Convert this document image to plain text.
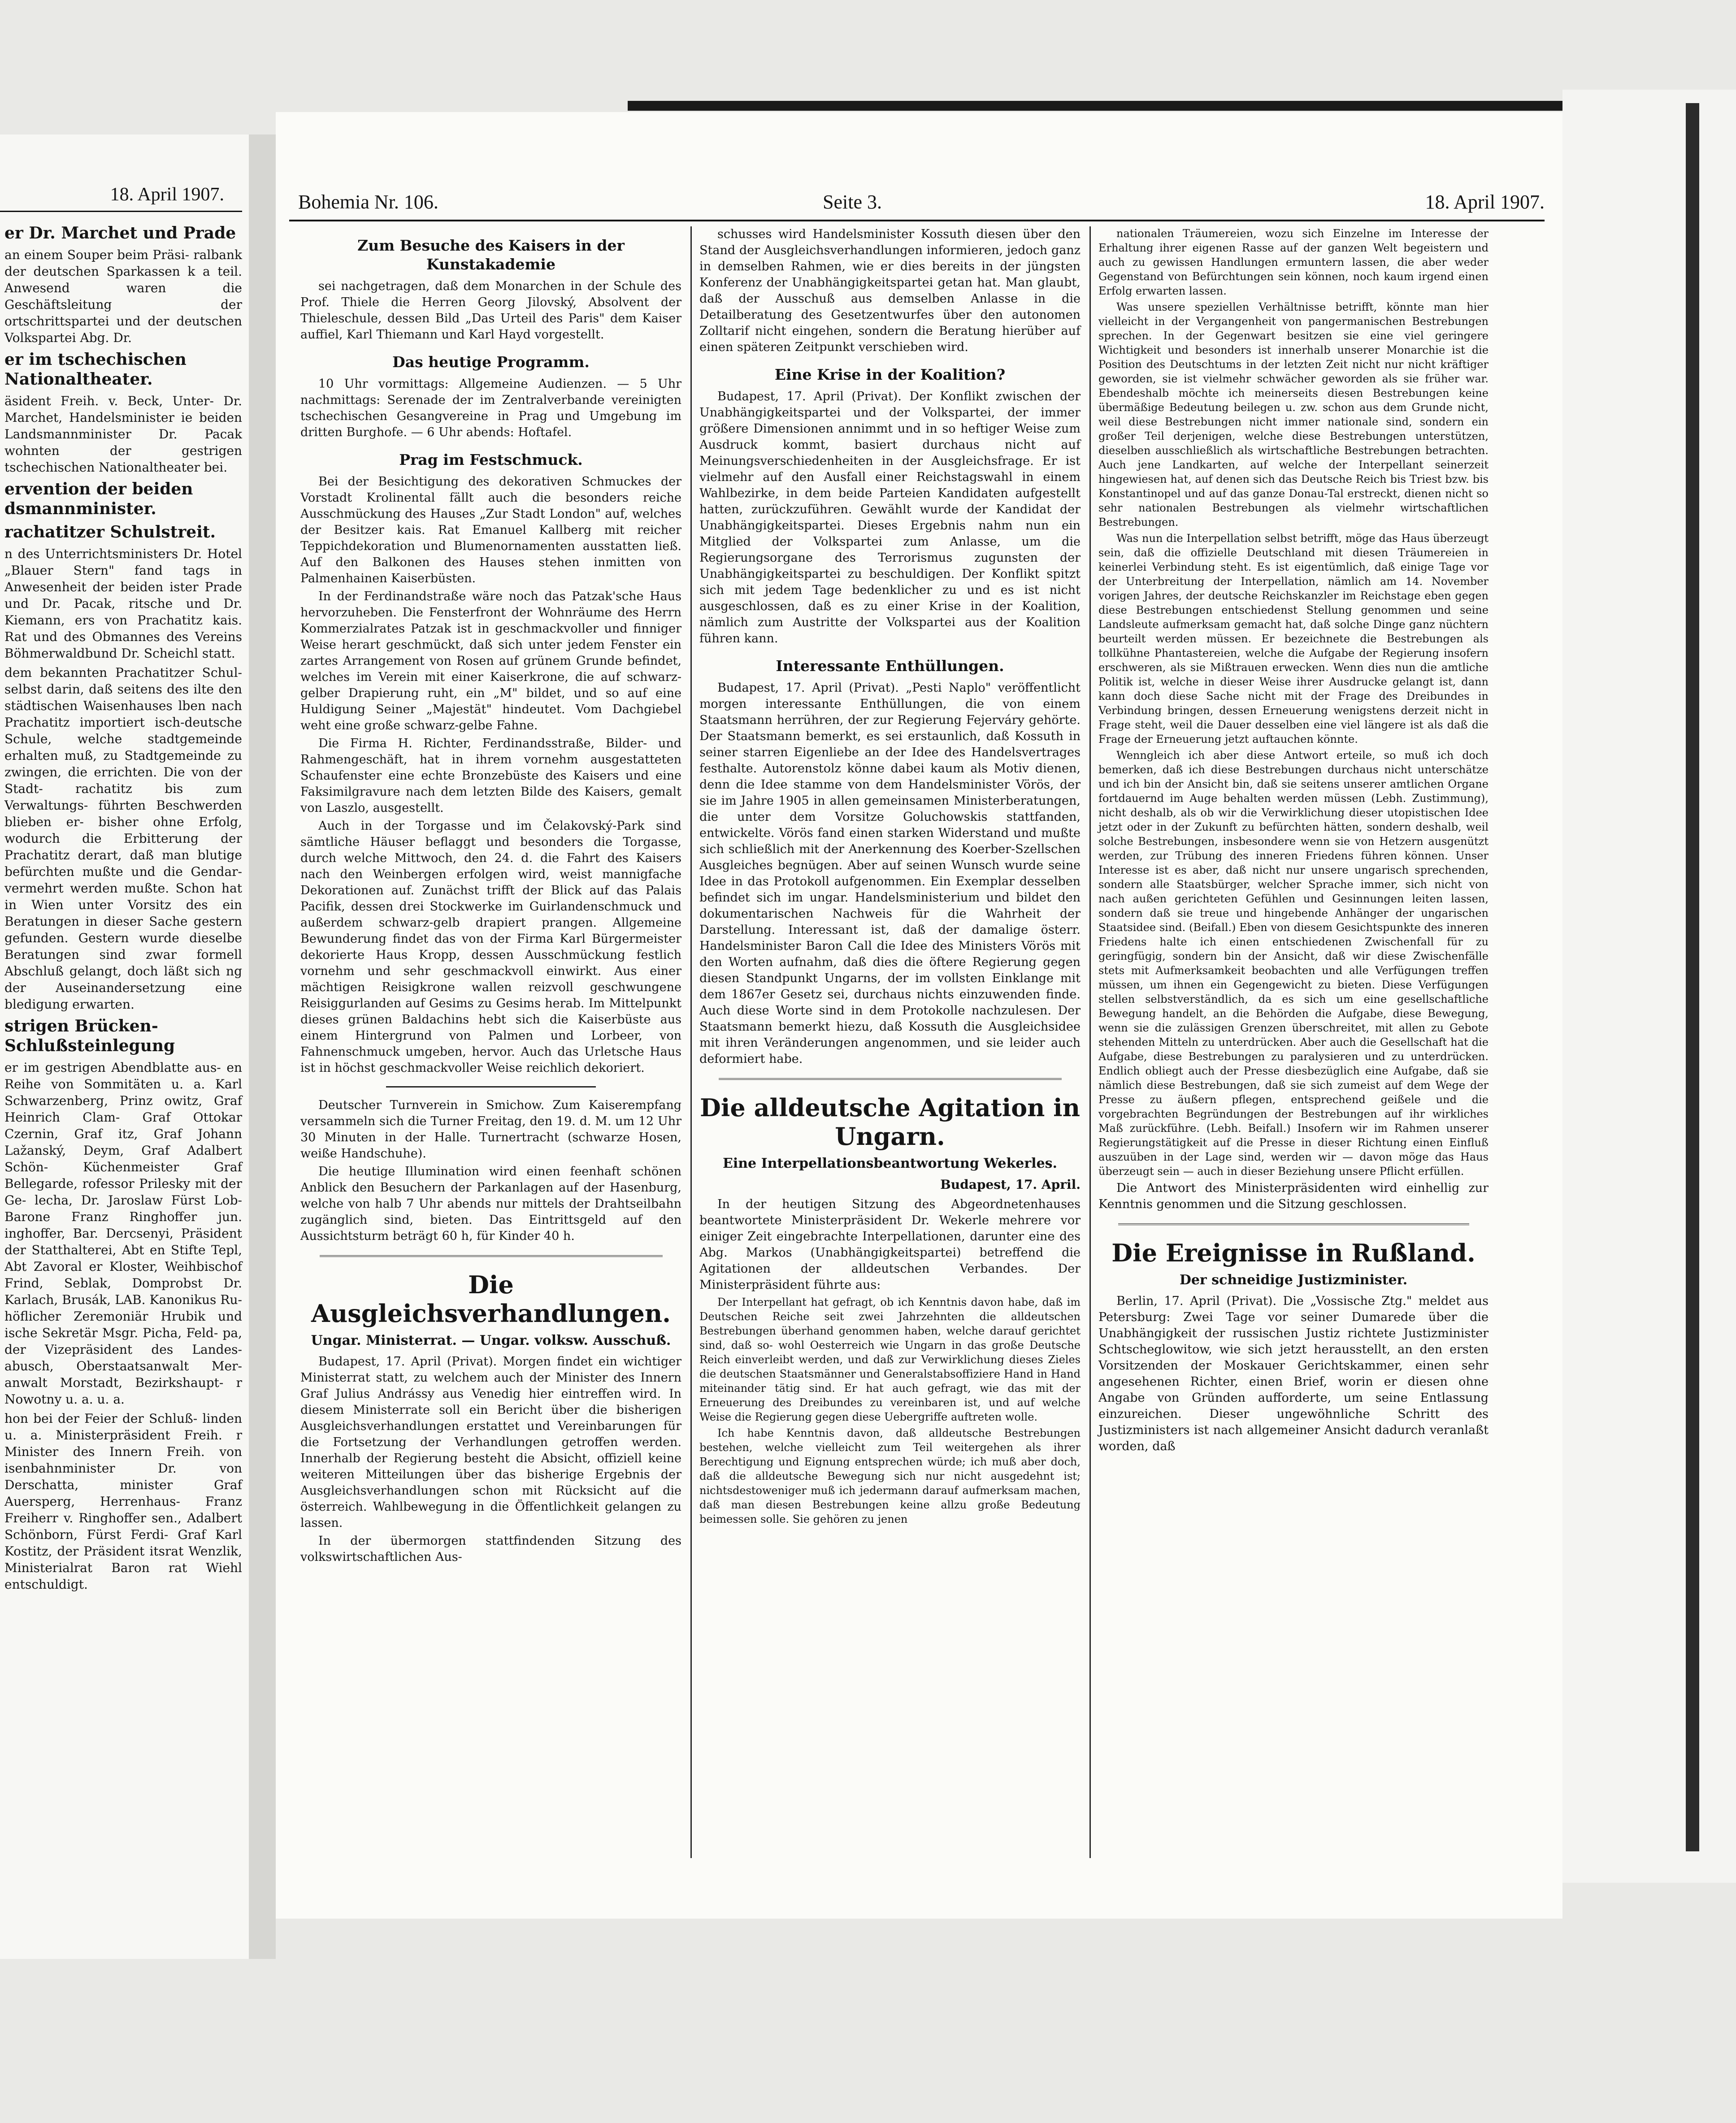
18. April 1907.
er Dr. Marchet und Prade

an einem Souper beim Präsi- ralbank der deutschen Sparkassen k a teil. Anwesend waren die Geschäftsleitung der ortschrittspartei und der deutschen Volkspartei Abg. Dr.

er im tschechischen Nationaltheater.

äsident Freih. v. Beck, Unter- Dr. Marchet, Handelsminister ie beiden Landsmannminister Dr. Pacak wohnten der gestrigen tschechischen Nationaltheater bei.

ervention der beiden dsmannminister.
rachatitzer Schulstreit.

n des Unterrichtsministers Dr. Hotel „Blauer Stern" fand tags in Anwesenheit der beiden ister Prade und Dr. Pacak, ritsche und Dr. Kiemann, ers von Prachatitz kais. Rat und des Obmannes des Vereins Böhmerwaldbund Dr. Scheichl statt.

dem bekannten Prachatitzer Schul- selbst darin, daß seitens des ilte den städtischen Waisenhauses lben nach Prachatitz importiert isch-deutsche Schule, welche stadtgemeinde erhalten muß, zu Stadtgemeinde zu zwingen, die errichten. Die von der Stadt- rachatitz bis zum Verwaltungs- führten Beschwerden blieben er- bisher ohne Erfolg, wodurch die Erbitterung der Prachatitz derart, daß man blutige befürchten mußte und die Gendar- vermehrt werden mußte. Schon hat in Wien unter Vorsitz des ein Beratungen in dieser Sache gestern gefunden. Gestern wurde dieselbe Beratungen sind zwar formell Abschluß gelangt, doch läßt sich ng der Auseinandersetzung eine bledigung erwarten.

strigen Brücken-Schlußsteinlegung

er im gestrigen Abendblatte aus- en Reihe von Sommitäten u. a. Karl Schwarzenberg, Prinz owitz, Graf Heinrich Clam- Graf Ottokar Czernin, Graf itz, Graf Johann Lažanský, Deym, Graf Adalbert Schön- Küchenmeister Graf Bellegarde, rofessor Prilesky mit der Ge- lecha, Dr. Jaroslaw Fürst Lob- Barone Franz Ringhoffer jun. inghoffer, Bar. Dercsenyi, Präsident der Statthalterei, Abt en Stifte Tepl, Abt Zavoral er Kloster, Weihbischof Frind, Seblak, Domprobst Dr. Karlach, Brusák, LAB. Kanonikus Ru- höflicher Zeremoniär Hrubik und ische Sekretär Msgr. Picha, Feld- pa, der Vizepräsident des Landes- abusch, Oberstaatsanwalt Mer- anwalt Morstadt, Bezirkshaupt- r Nowotny u. a. u. a.

hon bei der Feier der Schluß- linden u. a. Ministerpräsident Freih. r Minister des Innern Freih. von isenbahnminister Dr. von Derschatta, minister Graf Auersperg, Herrenhaus- Franz Freiherr v. Ringhoffer sen., Adalbert Schönborn, Fürst Ferdi- Graf Karl Kostitz, der Präsident itsrat Wenzlik, Ministerialrat Baron rat Wiehl entschuldigt.

Bohemia Nr. 106.	Seite 3.	18. April 1907.
Zum Besuche des Kaisers in der Kunstakademie

sei nachgetragen, daß dem Monarchen in der Schule des Prof. Thiele die Herren Georg Jilovský, Absolvent der Thieleschule, dessen Bild „Das Urteil des Paris" dem Kaiser auffiel, Karl Thiemann und Karl Hayd vorgestellt.

Das heutige Programm.

10 Uhr vormittags: Allgemeine Audienzen. — 5 Uhr nachmittags: Serenade der im Zentralverbande vereinigten tschechischen Gesangvereine in Prag und Umgebung im dritten Burghofe. — 6 Uhr abends: Hoftafel.

Prag im Festschmuck.

Bei der Besichtigung des dekorativen Schmuckes der Vorstadt Krolinental fällt auch die besonders reiche Ausschmückung des Hauses „Zur Stadt London" auf, welches der Besitzer kais. Rat Emanuel Kallberg mit reicher Teppichdekoration und Blumenornamenten ausstatten ließ. Auf den Balkonen des Hauses stehen inmitten von Palmenhainen Kaiserbüsten.

In der Ferdinandstraße wäre noch das Patzak'sche Haus hervorzuheben. Die Fensterfront der Wohnräume des Herrn Kommerzialrates Patzak ist in geschmackvoller und finniger Weise herart geschmückt, daß sich unter jedem Fenster ein zartes Arrangement von Rosen auf grünem Grunde befindet, welches im Verein mit einer Kaiserkrone, die auf schwarz-gelber Drapierung ruht, ein „M" bildet, und so auf eine Huldigung Seiner „Majestät" hindeutet. Vom Dachgiebel weht eine große schwarz-gelbe Fahne.

Die Firma H. Richter, Ferdinandsstraße, Bilder- und Rahmengeschäft, hat in ihrem vornehm ausgestatteten Schaufenster eine echte Bronzebüste des Kaisers und eine Faksimilgravure nach dem letzten Bilde des Kaisers, gemalt von Laszlo, ausgestellt.

Auch in der Torgasse und im Čelakovský-Park sind sämtliche Häuser beflaggt und besonders die Torgasse, durch welche Mittwoch, den 24. d. die Fahrt des Kaisers nach den Weinbergen erfolgen wird, weist mannigfache Dekorationen auf. Zunächst trifft der Blick auf das Palais Pacifik, dessen drei Stockwerke im Guirlandenschmuck und außerdem schwarz-gelb drapiert prangen. Allgemeine Bewunderung findet das von der Firma Karl Bürgermeister dekorierte Haus Kropp, dessen Ausschmückung festlich vornehm und sehr geschmackvoll einwirkt. Aus einer mächtigen Reisigkrone wallen reizvoll geschwungene Reisiggurlanden auf Gesims zu Gesims herab. Im Mittelpunkt dieses grünen Baldachins hebt sich die Kaiserbüste aus einem Hintergrund von Palmen und Lorbeer, von Fahnenschmuck umgeben, hervor. Auch das Urletsche Haus ist in höchst geschmackvoller Weise reichlich dekoriert.

Deutscher Turnverein in Smichow. Zum Kaiserempfang versammeln sich die Turner Freitag, den 19. d. M. um 12 Uhr 30 Minuten in der Halle. Turnertracht (schwarze Hosen, weiße Handschuhe).

Die heutige Illumination wird einen feenhaft schönen Anblick den Besuchern der Parkanlagen auf der Hasenburg, welche von halb 7 Uhr abends nur mittels der Drahtseilbahn zugänglich sind, bieten. Das Eintrittsgeld auf den Aussichtsturm beträgt 60 h, für Kinder 40 h.

Die Ausgleichsverhandlungen.
Ungar. Ministerrat. — Ungar. volksw. Ausschuß.

Budapest, 17. April (Privat). Morgen findet ein wichtiger Ministerrat statt, zu welchem auch der Minister des Innern Graf Julius Andrássy aus Venedig hier eintreffen wird. In diesem Ministerrate soll ein Bericht über die bisherigen Ausgleichsverhandlungen erstattet und Vereinbarungen für die Fortsetzung der Verhandlungen getroffen werden. Innerhalb der Regierung besteht die Absicht, offiziell keine weiteren Mitteilungen über das bisherige Ergebnis der Ausgleichsverhandlungen schon mit Rücksicht auf die österreich. Wahlbewegung in die Öffentlichkeit gelangen zu lassen.

In der übermorgen stattfindenden Sitzung des volkswirtschaftlichen Aus-

schusses wird Handelsminister Kossuth diesen über den Stand der Ausgleichsverhandlungen informieren, jedoch ganz in demselben Rahmen, wie er dies bereits in der jüngsten Konferenz der Unabhängigkeitspartei getan hat. Man glaubt, daß der Ausschuß aus demselben Anlasse in die Detailberatung des Gesetzentwurfes über den autonomen Zolltarif nicht eingehen, sondern die Beratung hierüber auf einen späteren Zeitpunkt verschieben wird.

Eine Krise in der Koalition?

Budapest, 17. April (Privat). Der Konflikt zwischen der Unabhängigkeitspartei und der Volkspartei, der immer größere Dimensionen annimmt und in so heftiger Weise zum Ausdruck kommt, basiert durchaus nicht auf Meinungsverschiedenheiten in der Ausgleichsfrage. Er ist vielmehr auf den Ausfall einer Reichstagswahl in einem Wahlbezirke, in dem beide Parteien Kandidaten aufgestellt hatten, zurückzuführen. Gewählt wurde der Kandidat der Unabhängigkeitspartei. Dieses Ergebnis nahm nun ein Mitglied der Volkspartei zum Anlasse, um die Regierungsorgane des Terrorismus zugunsten der Unabhängigkeitspartei zu beschuldigen. Der Konflikt spitzt sich mit jedem Tage bedenklicher zu und es ist nicht ausgeschlossen, daß es zu einer Krise in der Koalition, nämlich zum Austritte der Volkspartei aus der Koalition führen kann.

Interessante Enthüllungen.

Budapest, 17. April (Privat). „Pesti Naplo" veröffentlicht morgen interessante Enthüllungen, die von einem Staatsmann herrühren, der zur Regierung Fejerváry gehörte. Der Staatsmann bemerkt, es sei erstaunlich, daß Kossuth in seiner starren Eigenliebe an der Idee des Handelsvertrages festhalte. Autorenstolz könne dabei kaum als Motiv dienen, denn die Idee stamme von dem Handelsminister Vörös, der sie im Jahre 1905 in allen gemeinsamen Ministerberatungen, die unter dem Vorsitze Goluchowskis stattfanden, entwickelte. Vörös fand einen starken Widerstand und mußte sich schließlich mit der Anerkennung des Koerber-Szellschen Ausgleiches begnügen. Aber auf seinen Wunsch wurde seine Idee in das Protokoll aufgenommen. Ein Exemplar desselben befindet sich im ungar. Handelsministerium und bildet den dokumentarischen Nachweis für die Wahrheit der Darstellung. Interessant ist, daß der damalige österr. Handelsminister Baron Call die Idee des Ministers Vörös mit den Worten aufnahm, daß dies die öftere Regierung gegen diesen Standpunkt Ungarns, der im vollsten Einklange mit dem 1867er Gesetz sei, durchaus nichts einzuwenden finde. Auch diese Worte sind in dem Protokolle nachzulesen. Der Staatsmann bemerkt hiezu, daß Kossuth die Ausgleichsidee mit ihren Veränderungen angenommen, und sie leider auch deformiert habe.

Die alldeutsche Agitation in Ungarn.
Eine Interpellationsbeantwortung Wekerles.

Budapest, 17. April.

In der heutigen Sitzung des Abgeordnetenhauses beantwortete Ministerpräsident Dr. Wekerle mehrere vor einiger Zeit eingebrachte Interpellationen, darunter eine des Abg. Markos (Unabhängigkeitspartei) betreffend die Agitationen der alldeutschen Verbandes. Der Ministerpräsident führte aus:

Der Interpellant hat gefragt, ob ich Kenntnis davon habe, daß im Deutschen Reiche seit zwei Jahrzehnten die alldeutschen Bestrebungen überhand genommen haben, welche darauf gerichtet sind, daß so- wohl Oesterreich wie Ungarn in das große Deutsche Reich einverleibt werden, und daß zur Verwirklichung dieses Zieles die deutschen Staatsmänner und Generalstabsoffiziere Hand in Hand miteinander tätig sind. Er hat auch gefragt, wie das mit der Erneuerung des Dreibundes zu vereinbaren ist, und auf welche Weise die Regierung gegen diese Uebergriffe auftreten wolle.

Ich habe Kenntnis davon, daß alldeutsche Bestrebungen bestehen, welche vielleicht zum Teil weitergehen als ihrer Berechtigung und Eignung entsprechen würde; ich muß aber doch, daß die alldeutsche Bewegung sich nur nicht ausgedehnt ist; nichtsdestoweniger muß ich jedermann darauf aufmerksam machen, daß man diesen Bestrebungen keine allzu große Bedeutung beimessen solle. Sie gehören zu jenen

nationalen Träumereien, wozu sich Einzelne im Interesse der Erhaltung ihrer eigenen Rasse auf der ganzen Welt begeistern und auch zu gewissen Handlungen ermuntern lassen, die aber weder Gegenstand von Befürchtungen sein können, noch kaum irgend einen Erfolg erwarten lassen.

Was unsere speziellen Verhältnisse betrifft, könnte man hier vielleicht in der Vergangenheit von pangermanischen Bestrebungen sprechen. In der Gegenwart besitzen sie eine viel geringere Wichtigkeit und besonders ist innerhalb unserer Monarchie ist die Position des Deutschtums in der letzten Zeit nicht nur nicht kräftiger geworden, sie ist vielmehr schwächer geworden als sie früher war. Ebendeshalb möchte ich meinerseits diesen Bestrebungen keine übermäßige Bedeutung beilegen u. zw. schon aus dem Grunde nicht, weil diese Bestrebungen nicht immer nationale sind, sondern ein großer Teil derjenigen, welche diese Bestrebungen unterstützen, dieselben ausschließlich als wirtschaftliche Bestrebungen betrachten. Auch jene Landkarten, auf welche der Interpellant seinerzeit hingewiesen hat, auf denen sich das Deutsche Reich bis Triest bzw. bis Konstantinopel und auf das ganze Donau-Tal erstreckt, dienen nicht so sehr nationalen Bestrebungen als vielmehr wirtschaftlichen Bestrebungen.

Was nun die Interpellation selbst betrifft, möge das Haus überzeugt sein, daß die offizielle Deutschland mit diesen Träumereien in keinerlei Verbindung steht. Es ist eigentümlich, daß einige Tage vor der Unterbreitung der Interpellation, nämlich am 14. November vorigen Jahres, der deutsche Reichskanzler im Reichstage eben gegen diese Bestrebungen entschiedenst Stellung genommen und seine Landsleute aufmerksam gemacht hat, daß solche Dinge ganz nüchtern beurteilt werden müssen. Er bezeichnete die Bestrebungen als tollkühne Phantastereien, welche die Aufgabe der Regierung insofern erschweren, als sie Mißtrauen erwecken. Wenn dies nun die amtliche Politik ist, welche in dieser Weise ihrer Ausdrucke gelangt ist, dann kann doch diese Sache nicht mit der Frage des Dreibundes in Verbindung bringen, dessen Erneuerung wenigstens derzeit nicht in Frage steht, weil die Dauer desselben eine viel längere ist als daß die Frage der Erneuerung jetzt auftauchen könnte.

Wenngleich ich aber diese Antwort erteile, so muß ich doch bemerken, daß ich diese Bestrebungen durchaus nicht unterschätze und ich bin der Ansicht bin, daß sie seitens unserer amtlichen Organe fortdauernd im Auge behalten werden müssen (Lebh. Zustimmung), nicht deshalb, als ob wir die Verwirklichung dieser utopistischen Idee jetzt oder in der Zukunft zu befürchten hätten, sondern deshalb, weil solche Bestrebungen, insbesondere wenn sie von Hetzern ausgenützt werden, zur Trübung des inneren Friedens führen können. Unser Interesse ist es aber, daß nicht nur unsere ungarisch sprechenden, sondern alle Staatsbürger, welcher Sprache immer, sich nicht von nach außen gerichteten Gefühlen und Gesinnungen leiten lassen, sondern daß sie treue und hingebende Anhänger der ungarischen Staatsidee sind. (Beifall.) Eben von diesem Gesichtspunkte des inneren Friedens halte ich einen entschiedenen Zwischenfall für zu geringfügig, sondern bin der Ansicht, daß wir diese Zwischenfälle stets mit Aufmerksamkeit beobachten und alle Verfügungen treffen müssen, um ihnen ein Gegengewicht zu bieten. Diese Verfügungen stellen selbstverständlich, da es sich um eine gesellschaftliche Bewegung handelt, an die Behörden die Aufgabe, diese Bewegung, wenn sie die zulässigen Grenzen überschreitet, mit allen zu Gebote stehenden Mitteln zu unterdrücken. Aber auch die Gesellschaft hat die Aufgabe, diese Bestrebungen zu paralysieren und zu unterdrücken. Endlich obliegt auch der Presse diesbezüglich eine Aufgabe, daß sie nämlich diese Bestrebungen, daß sie sich zumeist auf dem Wege der Presse zu äußern pflegen, entsprechend geißele und die vorgebrachten Begründungen der Bestrebungen auf ihr wirkliches Maß zurückführe. (Lebh. Beifall.) Insofern wir im Rahmen unserer Regierungstätigkeit auf die Presse in dieser Richtung einen Einfluß auszuüben in der Lage sind, werden wir — davon möge das Haus überzeugt sein — auch in dieser Beziehung unsere Pflicht erfüllen.

Die Antwort des Ministerpräsidenten wird einhellig zur Kenntnis genommen und die Sitzung geschlossen.

Die Ereignisse in Rußland.
Der schneidige Justizminister.

Berlin, 17. April (Privat). Die „Vossische Ztg." meldet aus Petersburg: Zwei Tage vor seiner Dumarede über die Unabhängigkeit der russischen Justiz richtete Justizminister Schtscheglowitow, wie sich jetzt herausstellt, an den ersten Vorsitzenden der Moskauer Gerichtskammer, einen sehr angesehenen Richter, einen Brief, worin er diesen ohne Angabe von Gründen aufforderte, um seine Entlassung einzureichen. Dieser ungewöhnliche Schritt des Justizministers ist nach allgemeiner Ansicht dadurch veranlaßt worden, daß
